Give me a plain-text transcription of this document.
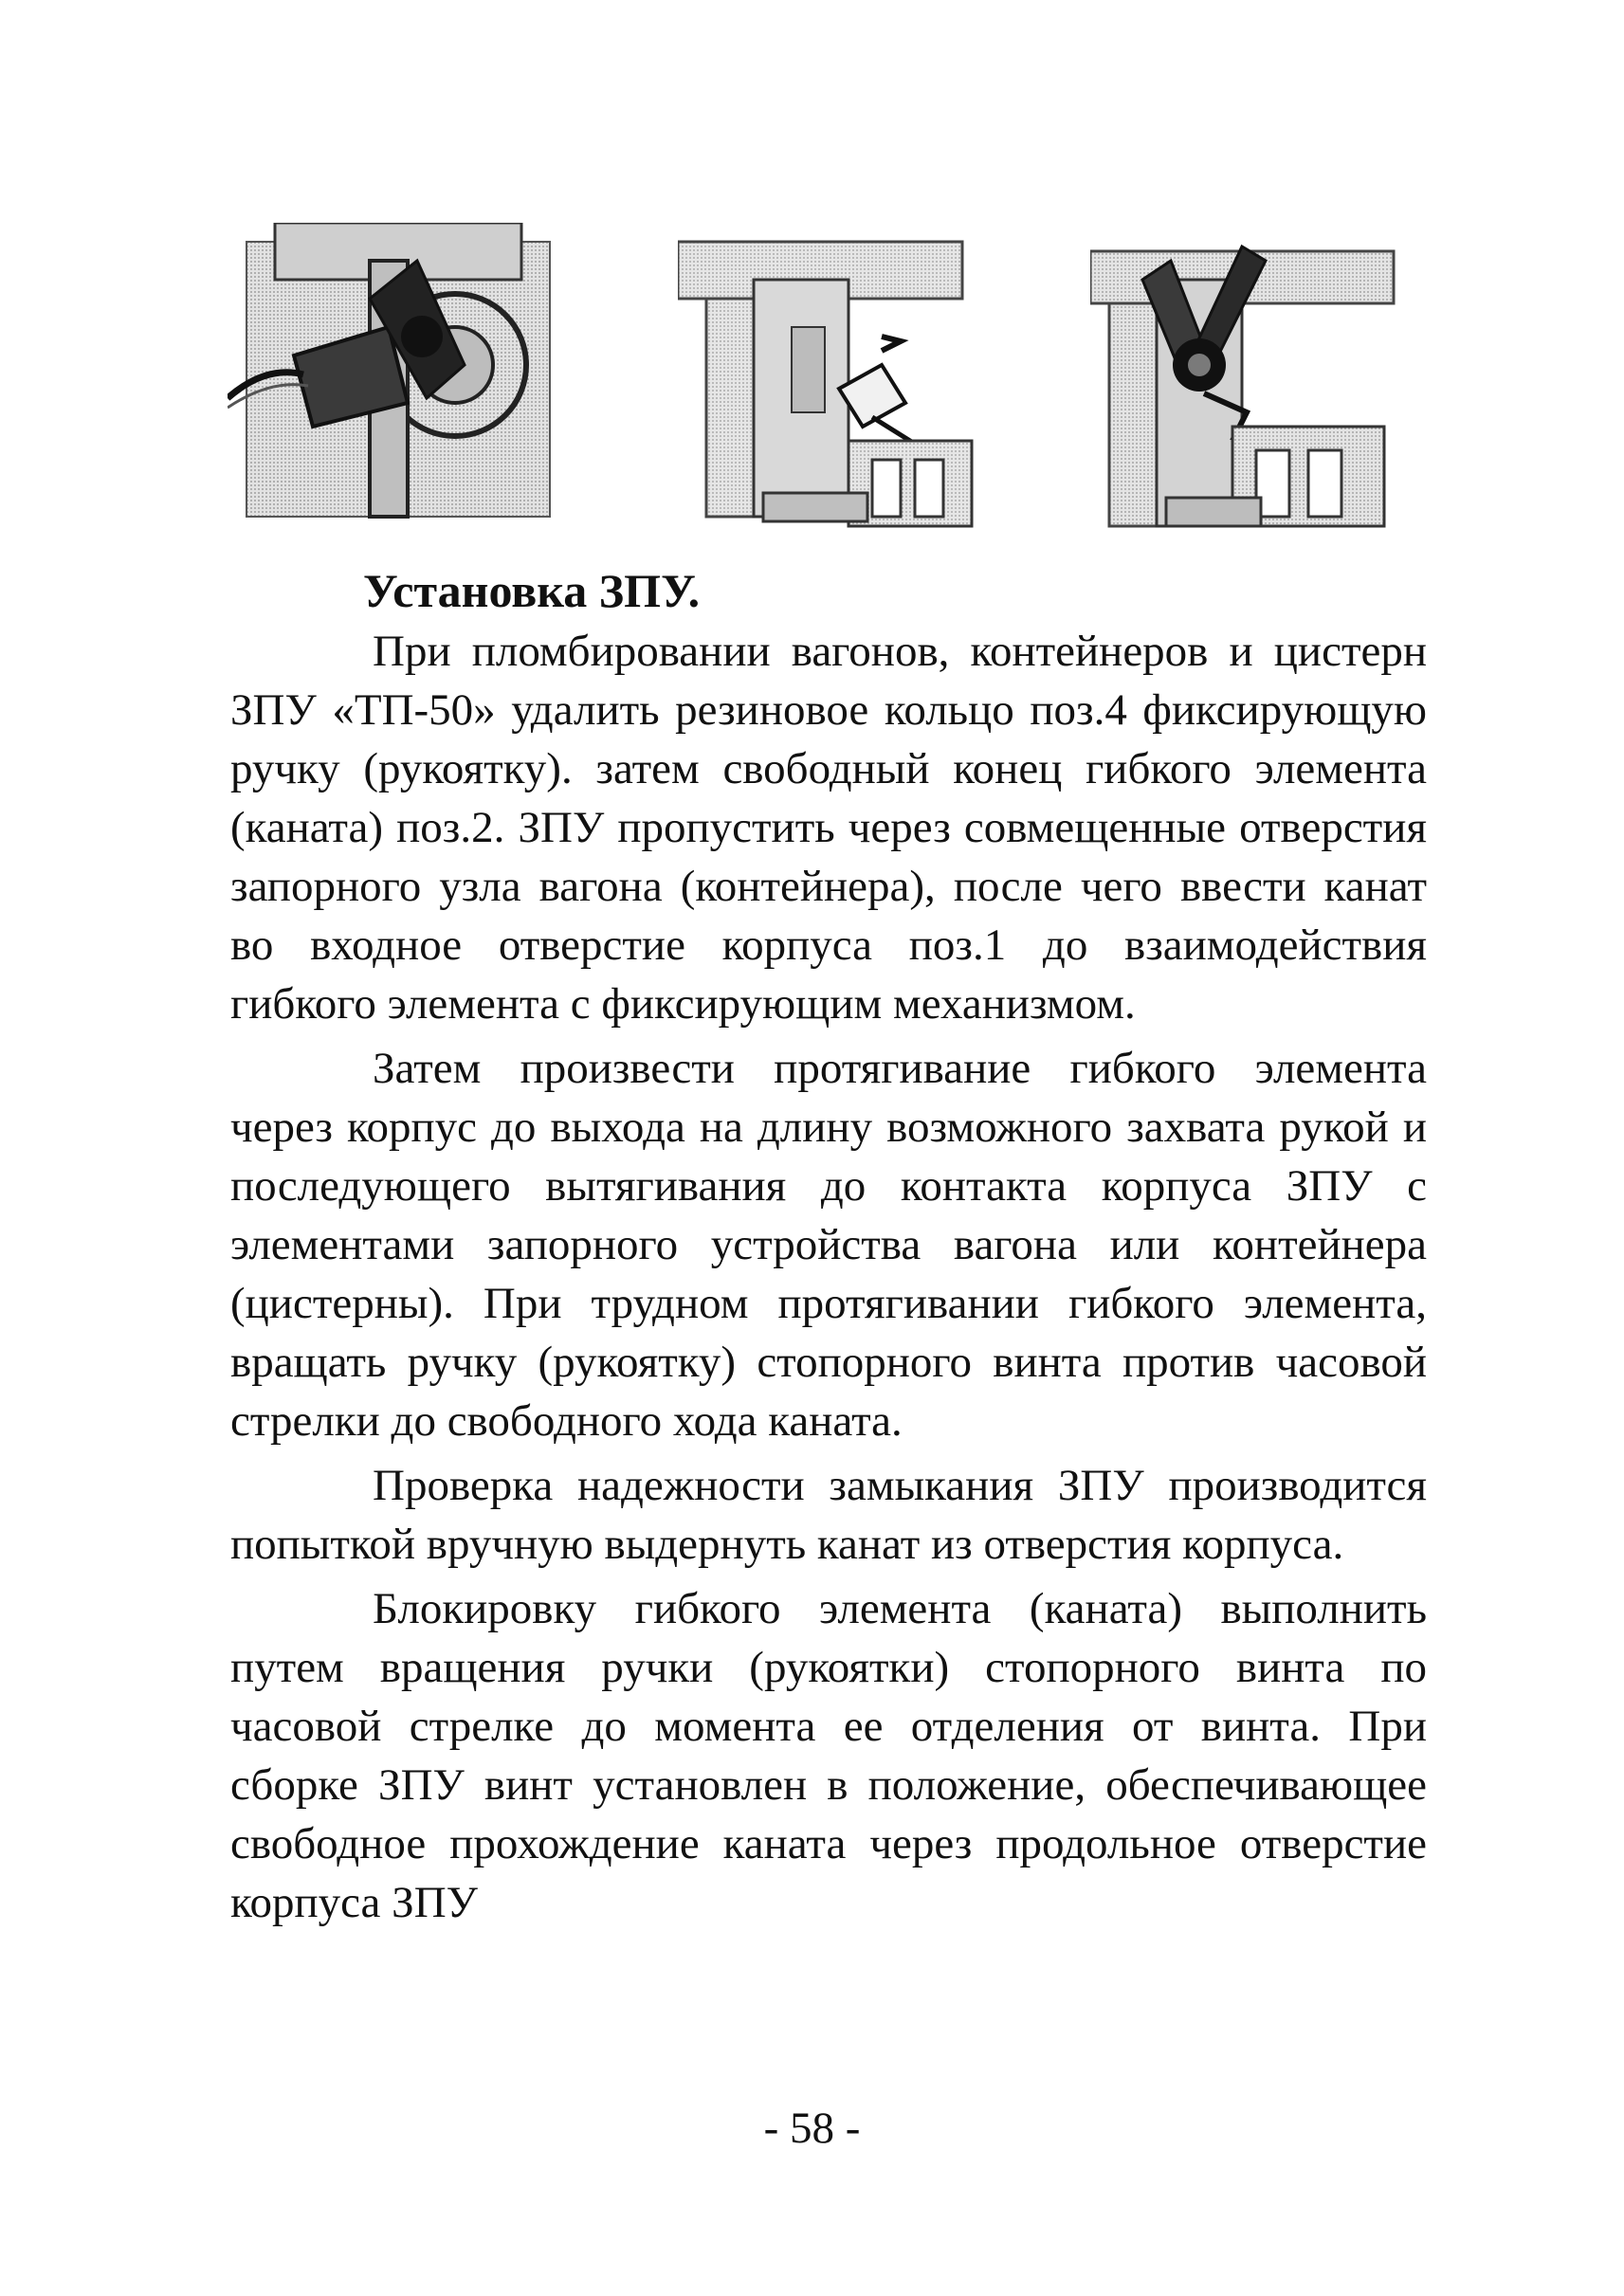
Установка ЗПУ.

При пломбировании вагонов, контейнеров и цистерн ЗПУ «ТП-50» удалить резиновое кольцо поз.4 фиксирующую ручку (рукоятку). затем свободный конец гибкого элемента (каната) поз.2. ЗПУ пропустить через совмещенные отверстия запорного узла вагона (контейнера), после чего ввести канат во входное отверстие корпуса поз.1 до взаимодействия гибкого элемента с фиксирующим механизмом.

Затем произвести протягивание гибкого элемента через корпус до выхода на длину возможного захвата рукой и последующего вытягивания до контакта корпуса ЗПУ с элементами запорного устройства вагона или контейнера (цистерны). При трудном протягивании гибкого элемента, вращать ручку (рукоятку) стопорного винта против часовой стрелки до свободного хода каната.

Проверка надежности замыкания ЗПУ производится попыткой вручную выдернуть канат из отверстия корпуса.

Блокировку гибкого элемента (каната) выполнить путем вращения ручки (рукоятки) стопорного винта по часовой стрелке до момента ее отделения от винта. При сборке ЗПУ винт установлен в положение, обеспечивающее свободное прохождение каната через продольное отверстие корпуса ЗПУ

- 58 -
